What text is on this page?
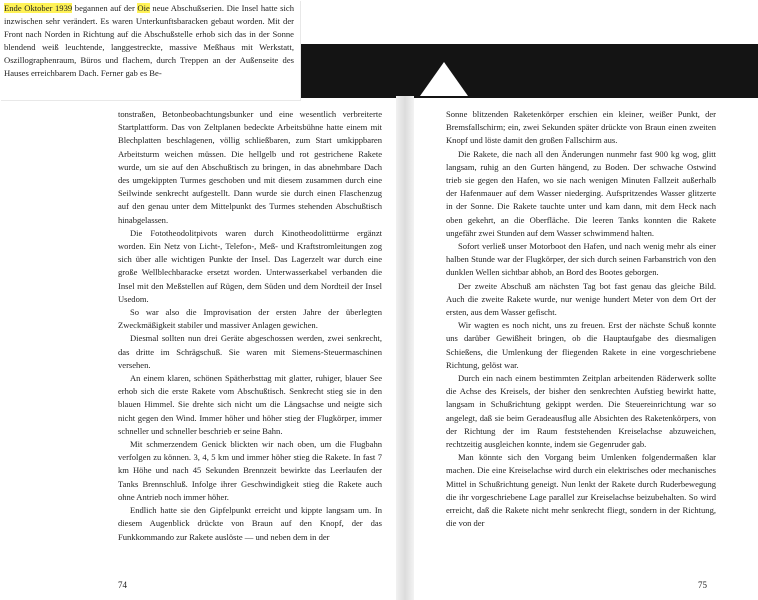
Ende Oktober 1939 begannen auf der Oie neue Abschußserien. Die Insel hatte sich inzwischen sehr verändert. Es waren Unterkunftsbaracken gebaut worden. Mit der Front nach Norden in Richtung auf die Abschußstelle erhob sich das in der Sonne blendend weiß leuchtende, langgestreckte, massive Meßhaus mit Werkstatt, Oszillographenraum, Büros und flachem, durch Treppen an der Außenseite des Hauses erreichbarem Dach. Ferner gab es Be-

tonstraßen, Betonbeobachtungsbunker und eine wesentlich verbreiterte Startplattform. Das von Zeltplanen bedeckte Arbeitsbühne hatte einem mit Blechplatten beschlagenen, völlig schließbaren, zum Start umkippbaren Arbeitsturm weichen müssen. Die hellgelb und rot gestrichene Rakete wurde, um sie auf den Abschußtisch zu bringen, in das abnehmbare Dach des umgekippten Turmes geschoben und mit diesem zusammen durch eine Seilwinde senkrecht aufgestellt. Dann wurde sie durch einen Flaschenzug auf den genau unter dem Mittelpunkt des Turmes stehenden Abschußtisch hinabgelassen.

Die Fototheodolitpivots waren durch Kinotheodolittürme ergänzt worden. Ein Netz von Licht-, Telefon-, Meß- und Kraftstromleitungen zog sich über alle wichtigen Punkte der Insel. Das Lagerzelt war durch eine große Wellblechbaracke ersetzt worden. Unterwasserkabel verbanden die Insel mit den Meßstellen auf Rügen, dem Süden und dem Nordteil der Insel Usedom.

So war also die Improvisation der ersten Jahre der überlegten Zweckmäßigkeit stabiler und massiver Anlagen gewichen.

Diesmal sollten nun drei Geräte abgeschossen werden, zwei senkrecht, das dritte im Schrägschuß. Sie waren mit Siemens-Steuermaschinen versehen.

An einem klaren, schönen Spätherbsttag mit glatter, ruhiger, blauer See erhob sich die erste Rakete vom Abschußtisch. Senkrecht stieg sie in den blauen Himmel. Sie drehte sich nicht um die Längsachse und neigte sich nicht gegen den Wind. Immer höher und höher stieg der Flugkörper, immer schneller und schneller beschrieb er seine Bahn.

Mit schmerzendem Genick blickten wir nach oben, um die Flugbahn verfolgen zu können. 3, 4, 5 km und immer höher stieg die Rakete. In fast 7 km Höhe und nach 45 Sekunden Brennzeit bewirkte das Leerlaufen der Tanks Brennschluß. Infolge ihrer Geschwindigkeit stieg die Rakete auch ohne Antrieb noch immer höher.

Endlich hatte sie den Gipfelpunkt erreicht und kippte langsam um. In diesem Augenblick drückte von Braun auf den Knopf, der das Funkkommando zur Rakete auslöste — und neben dem in der

74

Sonne blitzenden Raketenkörper erschien ein kleiner, weißer Punkt, der Bremsfallschirm; ein, zwei Sekunden später drückte von Braun einen zweiten Knopf und löste damit den großen Fallschirm aus.

Die Rakete, die nach all den Änderungen nunmehr fast 900 kg wog, glitt langsam, ruhig an den Gurten hängend, zu Boden. Der schwache Ostwind trieb sie gegen den Hafen, wo sie nach wenigen Minuten Fallzeit außerhalb der Hafenmauer auf dem Wasser niederging. Aufspritzendes Wasser glitzerte in der Sonne. Die Rakete tauchte unter und kam dann, mit dem Heck nach oben gekehrt, an die Oberfläche. Die leeren Tanks konnten die Rakete ungefähr zwei Stunden auf dem Wasser schwimmend halten.

Sofort verließ unser Motorboot den Hafen, und nach wenig mehr als einer halben Stunde war der Flugkörper, der sich durch seinen Farbanstrich von den dunklen Wellen sichtbar abhob, an Bord des Bootes geborgen.

Der zweite Abschuß am nächsten Tag bot fast genau das gleiche Bild. Auch die zweite Rakete wurde, nur wenige hundert Meter von dem Ort der ersten, aus dem Wasser gefischt.

Wir wagten es noch nicht, uns zu freuen. Erst der nächste Schuß konnte uns darüber Gewißheit bringen, ob die Hauptaufgabe des diesmaligen Schießens, die Umlenkung der fliegenden Rakete in eine vorgeschriebene Richtung, gelöst war.

Durch ein nach einem bestimmten Zeitplan arbeitenden Räderwerk sollte die Achse des Kreisels, der bisher den senkrechten Aufstieg bewirkt hatte, langsam in Schußrichtung gekippt werden. Die Steuereinrichtung war so angelegt, daß sie beim Geradeausflug alle Absichten des Raketenkörpers, von der Richtung der im Raum feststehenden Kreiselachse abzuweichen, rechtzeitig ausgleichen konnte, indem sie Gegenruder gab.

Man könnte sich den Vorgang beim Umlenken folgendermaßen klar machen. Die eine Kreiselachse wird durch ein elektrisches oder mechanisches Mittel in Schußrichtung geneigt. Nun lenkt der Rakete durch Ruderbewegung die ihr vorgeschriebene Lage parallel zur Kreiselachse beizubehalten. So wird erreicht, daß die Rakete nicht mehr senkrecht fliegt, sondern in der Richtung, die von der

75
